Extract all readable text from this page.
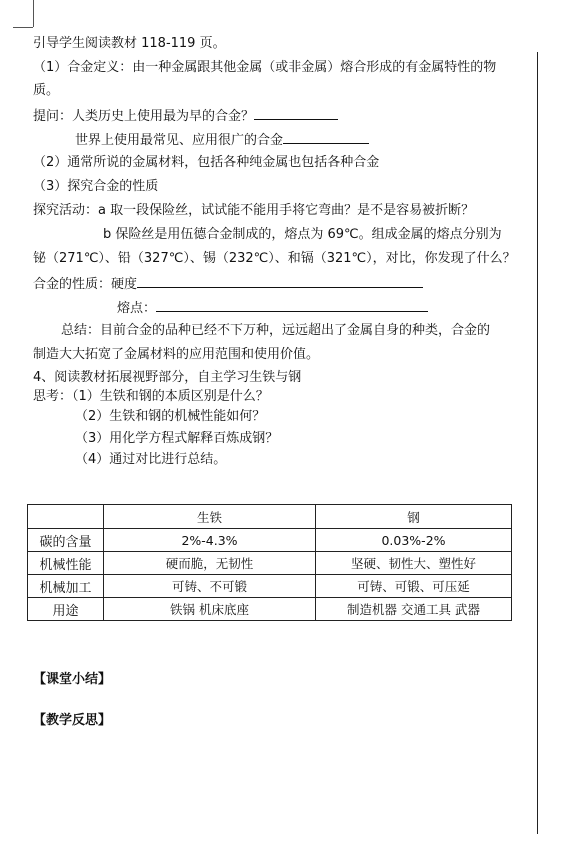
引导学生阅读教材 118-119 页。
（1）合金定义：由一种金属跟其他金属（或非金属）熔合形成的有金属特性的物
质。
提问：人类历史上使用最为早的合金？
世界上使用最常见、应用很广的合金
（2）通常所说的金属材料，包括各种纯金属也包括各种合金
（3）探究合金的性质
探究活动：a 取一段保险丝，试试能不能用手将它弯曲？是不是容易被折断？
b 保险丝是用伍德合金制成的，熔点为 69℃。组成金属的熔点分别为
铋（271℃）、铅（327℃）、锡（232℃）、和镉（321℃），对比，你发现了什么？
合金的性质：硬度
熔点：
总结：目前合金的品种已经不下万种，远远超出了金属自身的种类，合金的
制造大大拓宽了金属材料的应用范围和使用价值。
4、阅读教材拓展视野部分，自主学习生铁与钢
思考：（1）生铁和钢的本质区别是什么？
（2）生铁和钢的机械性能如何？
（3）用化学方程式解释百炼成钢？
（4）通过对比进行总结。
	生铁	钢
碳的含量	2%-4.3%	0.03%-2%
机械性能	硬而脆，无韧性	坚硬、韧性大、塑性好
机械加工	可铸、不可锻	可铸、可锻、可压延
用途	铁锅 机床底座	制造机器 交通工具 武器
【课堂小结】
【教学反思】
